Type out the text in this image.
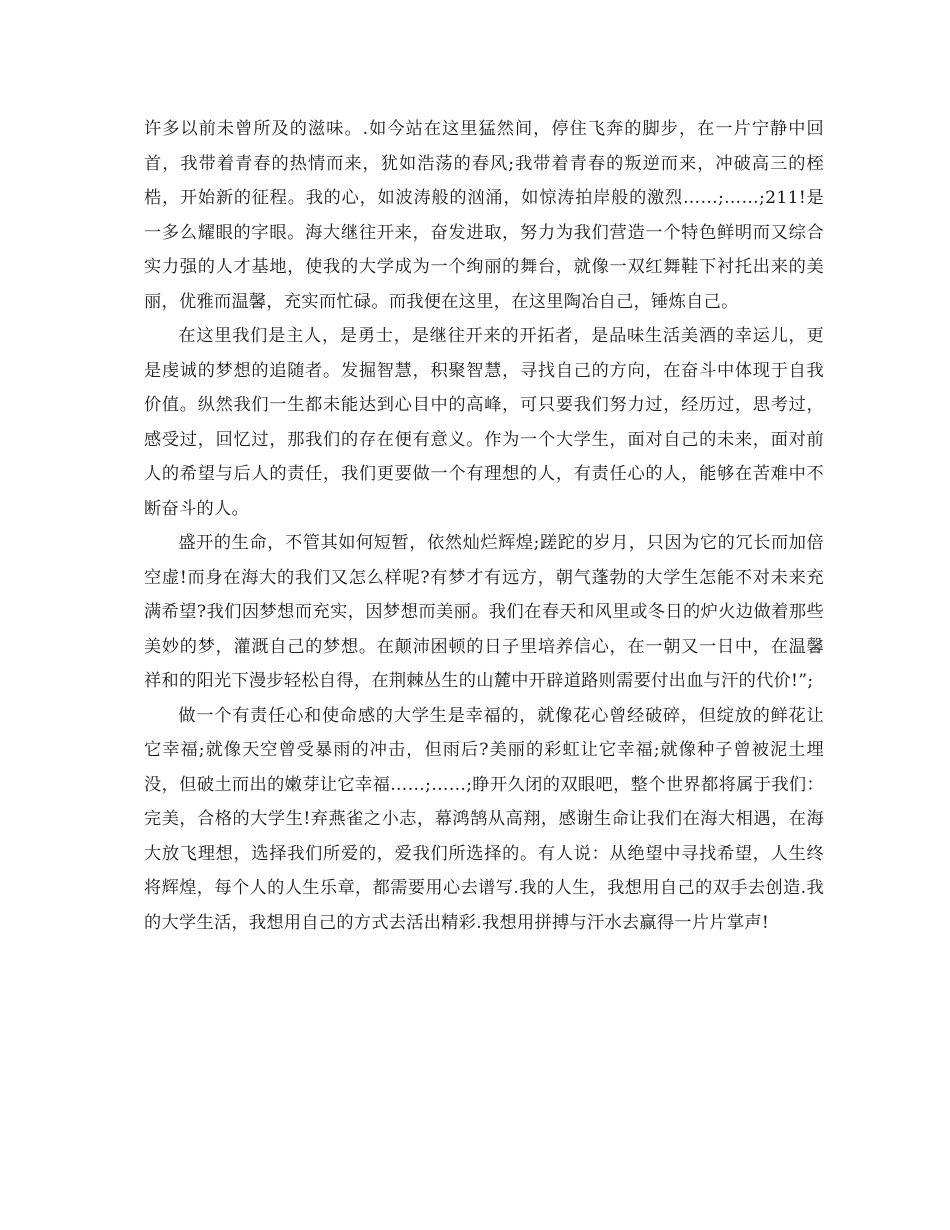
许多以前未曾所及的滋味。.如今站在这里猛然间，停住飞奔的脚步，在一片宁静中回首，我带着青春的热情而来，犹如浩荡的春风;我带着青春的叛逆而来，冲破高三的桎梏，开始新的征程。我的心，如波涛般的汹涌，如惊涛拍岸般的激烈……;……;211!是一多么耀眼的字眼。海大继往开来，奋发进取，努力为我们营造一个特色鲜明而又综合实力强的人才基地，使我的大学成为一个绚丽的舞台，就像一双红舞鞋下衬托出来的美丽，优雅而温馨，充实而忙碌。而我便在这里，在这里陶冶自己，锤炼自己。

在这里我们是主人，是勇士，是继往开来的开拓者，是品味生活美酒的幸运儿，更是虔诚的梦想的追随者。发掘智慧，积聚智慧，寻找自己的方向，在奋斗中体现于自我价值。纵然我们一生都未能达到心目中的高峰，可只要我们努力过，经历过，思考过，感受过，回忆过，那我们的存在便有意义。作为一个大学生，面对自己的未来，面对前人的希望与后人的责任，我们更要做一个有理想的人，有责任心的人，能够在苦难中不断奋斗的人。

盛开的生命，不管其如何短暂，依然灿烂辉煌;蹉跎的岁月，只因为它的冗长而加倍空虚!而身在海大的我们又怎么样呢?有梦才有远方，朝气蓬勃的大学生怎能不对未来充满希望?我们因梦想而充实，因梦想而美丽。我们在春天和风里或冬日的炉火边做着那些美妙的梦，灌溉自己的梦想。在颠沛困顿的日子里培养信心，在一朝又一日中，在温馨祥和的阳光下漫步轻松自得，在荆棘丛生的山麓中开辟道路则需要付出血与汗的代价!”;

做一个有责任心和使命感的大学生是幸福的，就像花心曾经破碎，但绽放的鲜花让它幸福;就像天空曾受暴雨的冲击，但雨后?美丽的彩虹让它幸福;就像种子曾被泥土埋没，但破土而出的嫩芽让它幸福……;……;睁开久闭的双眼吧，整个世界都将属于我们：完美，合格的大学生!弃燕雀之小志，幕鸿鹄从高翔，感谢生命让我们在海大相遇，在海大放飞理想，选择我们所爱的，爱我们所选择的。有人说：从绝望中寻找希望，人生终将辉煌，每个人的人生乐章，都需要用心去谱写.我的人生，我想用自己的双手去创造.我的大学生活，我想用自己的方式去活出精彩.我想用拼搏与汗水去赢得一片片掌声!
